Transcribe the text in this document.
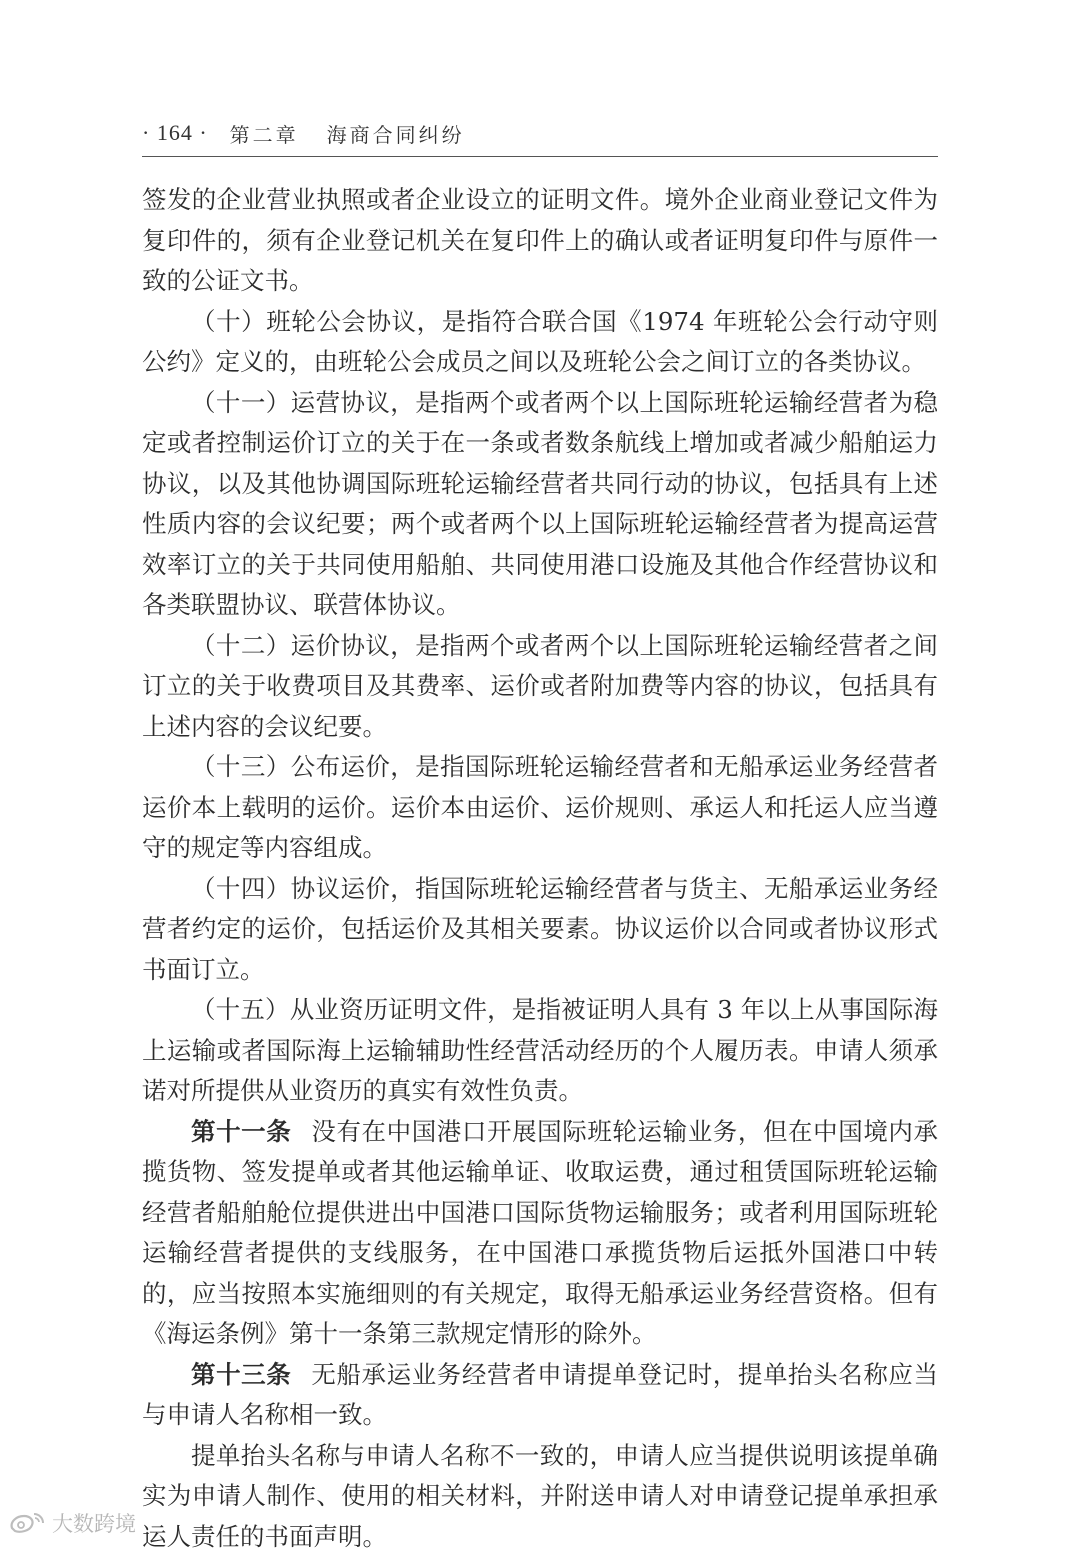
· 164 · 第二章 海商合同纠纷

签发的企业营业执照或者企业设立的证明文件。境外企业商业登记文件为复印件的，须有企业登记机关在复印件上的确认或者证明复印件与原件一致的公证文书。

（十）班轮公会协议，是指符合联合国《1974 年班轮公会行动守则公约》定义的，由班轮公会成员之间以及班轮公会之间订立的各类协议。

（十一）运营协议，是指两个或者两个以上国际班轮运输经营者为稳定或者控制运价订立的关于在一条或者数条航线上增加或者减少船舶运力协议，以及其他协调国际班轮运输经营者共同行动的协议，包括具有上述性质内容的会议纪要；两个或者两个以上国际班轮运输经营者为提高运营效率订立的关于共同使用船舶、共同使用港口设施及其他合作经营协议和各类联盟协议、联营体协议。

（十二）运价协议，是指两个或者两个以上国际班轮运输经营者之间订立的关于收费项目及其费率、运价或者附加费等内容的协议，包括具有上述内容的会议纪要。

（十三）公布运价，是指国际班轮运输经营者和无船承运业务经营者运价本上载明的运价。运价本由运价、运价规则、承运人和托运人应当遵守的规定等内容组成。

（十四）协议运价，指国际班轮运输经营者与货主、无船承运业务经营者约定的运价，包括运价及其相关要素。协议运价以合同或者协议形式书面订立。

（十五）从业资历证明文件，是指被证明人具有 3 年以上从事国际海上运输或者国际海上运输辅助性经营活动经历的个人履历表。申请人须承诺对所提供从业资历的真实有效性负责。

第十一条 没有在中国港口开展国际班轮运输业务，但在中国境内承揽货物、签发提单或者其他运输单证、收取运费，通过租赁国际班轮运输经营者船舶舱位提供进出中国港口国际货物运输服务；或者利用国际班轮运输经营者提供的支线服务，在中国港口承揽货物后运抵外国港口中转的，应当按照本实施细则的有关规定，取得无船承运业务经营资格。但有《海运条例》第十一条第三款规定情形的除外。

第十三条 无船承运业务经营者申请提单登记时，提单抬头名称应当与申请人名称相一致。

提单抬头名称与申请人名称不一致的，申请人应当提供说明该提单确实为申请人制作、使用的相关材料，并附送申请人对申请登记提单承担承运人责任的书面声明。

大数跨境
